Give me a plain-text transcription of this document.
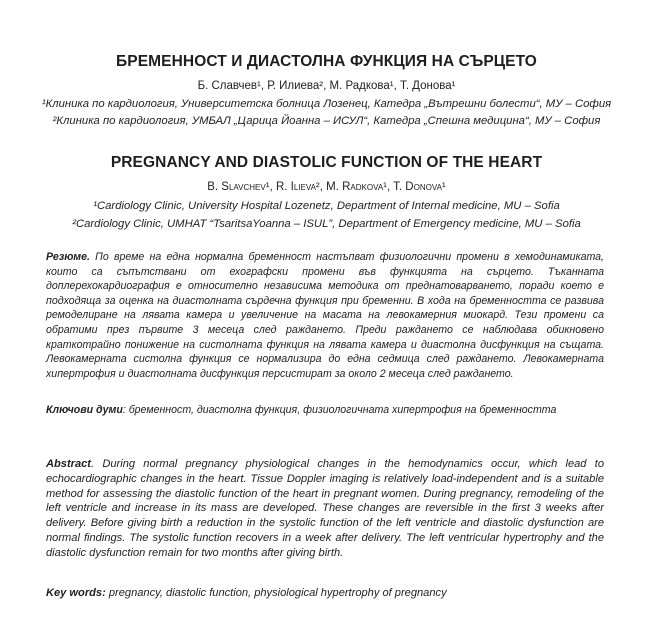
БРЕМЕННОСТ И ДИАСТОЛНА ФУНКЦИЯ НА СЪРЦЕТО
Б. Славчев¹, Р. Илиева², М. Радкова¹, Т. Донова¹
¹Клиника по кардиология, Университетска болница Лозенец, Катедра „Вътрешни болести“, МУ – София
²Клиника по кардиология, УМБАЛ „Царица Йоанна – ИСУЛ“, Катедра „Спешна медицина“, МУ – София
PREGNANCY AND DIASTOLIC FUNCTION OF THE HEART
B. Slavchev¹, R. Ilieva², M. Radkova¹, T. Donova¹
¹Cardiology Clinic, University Hospital Lozenetz, Department of Internal medicine, MU – Sofia
²Cardiology Clinic, UMHAT “TsaritsaYoanna – ISUL”, Department of Emergency medicine, MU – Sofia
Резюме. По време на една нормална бременност настъпват физиологични промени в хемодинамиката, които са съпътствани от ехографски промени във функцията на сърцето. Тъканната доплерехокардиография е относително независима методика от преднатоварването, поради което е подходяща за оценка на диастолната сърдечна функция при бременни. В хода на бременността се развива ремоделиране на лявата камера и увеличение на масата на левокамерния миокард. Тези промени са обратими през първите 3 месеца след раждането. Преди раждането се наблюдава обикновено краткотрайно понижение на систолната функция на лявата камера и диастолна дисфункция на същата. Левокамерната систолна функция се нормализира до една седмица след раждането. Левокамерната хипертрофия и диастолната дисфункция персистират за около 2 месеца след раждането.
Ключови думи: бременност, диастолна функция, физиологичната хипертрофия на бременността
Abstract. During normal pregnancy physiological changes in the hemodynamics occur, which lead to echocardiographic changes in the heart. Tissue Doppler imaging is relatively load-independent and is a suitable method for assessing the diastolic function of the heart in pregnant women. During pregnancy, remodeling of the left ventricle and increase in its mass are developed. These changes are reversible in the first 3 weeks after delivery. Before giving birth a reduction in the systolic function of the left ventricle and diastolic dysfunction are normal findings. The systolic function recovers in a week after delivery. The left ventricular hypertrophy and the diastolic dysfunction remain for two months after giving birth.
Key words: pregnancy, diastolic function, physiological hypertrophy of pregnancy
